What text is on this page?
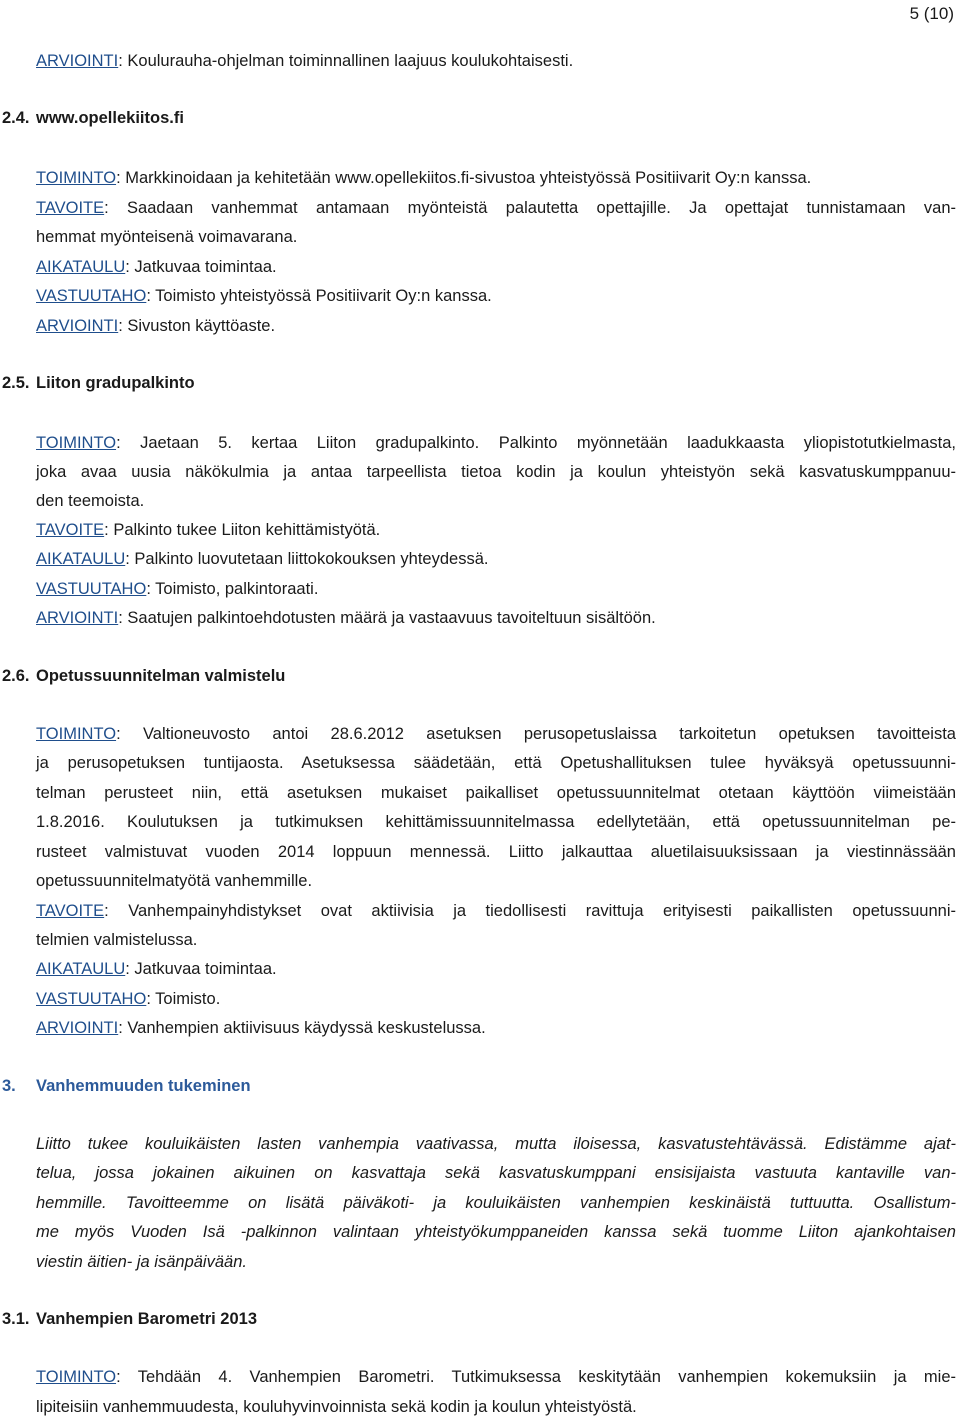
5 (10)
ARVIOINTI: Koulurauha-ohjelman toiminnallinen laajuus koulukohtaisesti.
2.4. www.opellekiitos.fi
TOIMINTO: Markkinoidaan ja kehitetään www.opellekiitos.fi-sivustoa yhteistyössä Positiivarit Oy:n kanssa.
TAVOITE: Saadaan vanhemmat antamaan myönteistä palautetta opettajille. Ja opettajat tunnistamaan van-
hemmat myönteisenä voimavarana.
AIKATAULU: Jatkuvaa toimintaa.
VASTUUTAHO: Toimisto yhteistyössä Positiivarit Oy:n kanssa.
ARVIOINTI: Sivuston käyttöaste.
2.5. Liiton gradupalkinto
TOIMINTO: Jaetaan 5. kertaa Liiton gradupalkinto. Palkinto myönnetään laadukkaasta yliopistotutkielmasta,
joka avaa uusia näkökulmia ja antaa tarpeellista tietoa kodin ja koulun yhteistyön sekä kasvatuskumppanuu-
den teemoista.
TAVOITE: Palkinto tukee Liiton kehittämistyötä.
AIKATAULU: Palkinto luovutetaan liittokokouksen yhteydessä.
VASTUUTAHO: Toimisto, palkintoraati.
ARVIOINTI: Saatujen palkintoehdotusten määrä ja vastaavuus tavoiteltuun sisältöön.
2.6. Opetussuunnitelman valmistelu
TOIMINTO: Valtioneuvosto antoi 28.6.2012 asetuksen perusopetuslaissa tarkoitetun opetuksen tavoitteista
ja perusopetuksen tuntijaosta. Asetuksessa säädetään, että Opetushallituksen tulee hyväksyä opetussuunni-
telman perusteet niin, että asetuksen mukaiset paikalliset opetussuunnitelmat otetaan käyttöön viimeistään
1.8.2016. Koulutuksen ja tutkimuksen kehittämissuunnitelmassa edellytetään, että opetussuunnitelman pe-
rusteet valmistuvat vuoden 2014 loppuun mennessä. Liitto jalkauttaa aluetilaisuuksissaan ja viestinnässään
opetussuunnitelmatyötä vanhemmille.
TAVOITE: Vanhempainyhdistykset ovat aktiivisia ja tiedollisesti ravittuja erityisesti paikallisten opetussuunni-
telmien valmistelussa.
AIKATAULU: Jatkuvaa toimintaa.
VASTUUTAHO: Toimisto.
ARVIOINTI: Vanhempien aktiivisuus käydyssä keskustelussa.
3. Vanhemmuuden tukeminen
Liitto tukee kouluikäisten lasten vanhempia vaativassa, mutta iloisessa, kasvatustehtävässä. Edistämme ajat-
telua, jossa jokainen aikuinen on kasvattaja sekä kasvatuskumppani ensisijaista vastuuta kantaville van-
hemmille. Tavoitteemme on lisätä päiväkoti- ja kouluikäisten vanhempien keskinäistä tuttuutta. Osallistum-
me myös Vuoden Isä -palkinnon valintaan yhteistyökumppaneiden kanssa sekä tuomme Liiton ajankohtaisen
viestin äitien- ja isänpäivään.
3.1. Vanhempien Barometri 2013
TOIMINTO: Tehdään 4. Vanhempien Barometri. Tutkimuksessa keskitytään vanhempien kokemuksiin ja mie-
lipiteisiin vanhemmuudesta, kouluhyvinvoinnista sekä kodin ja koulun yhteistyöstä.
